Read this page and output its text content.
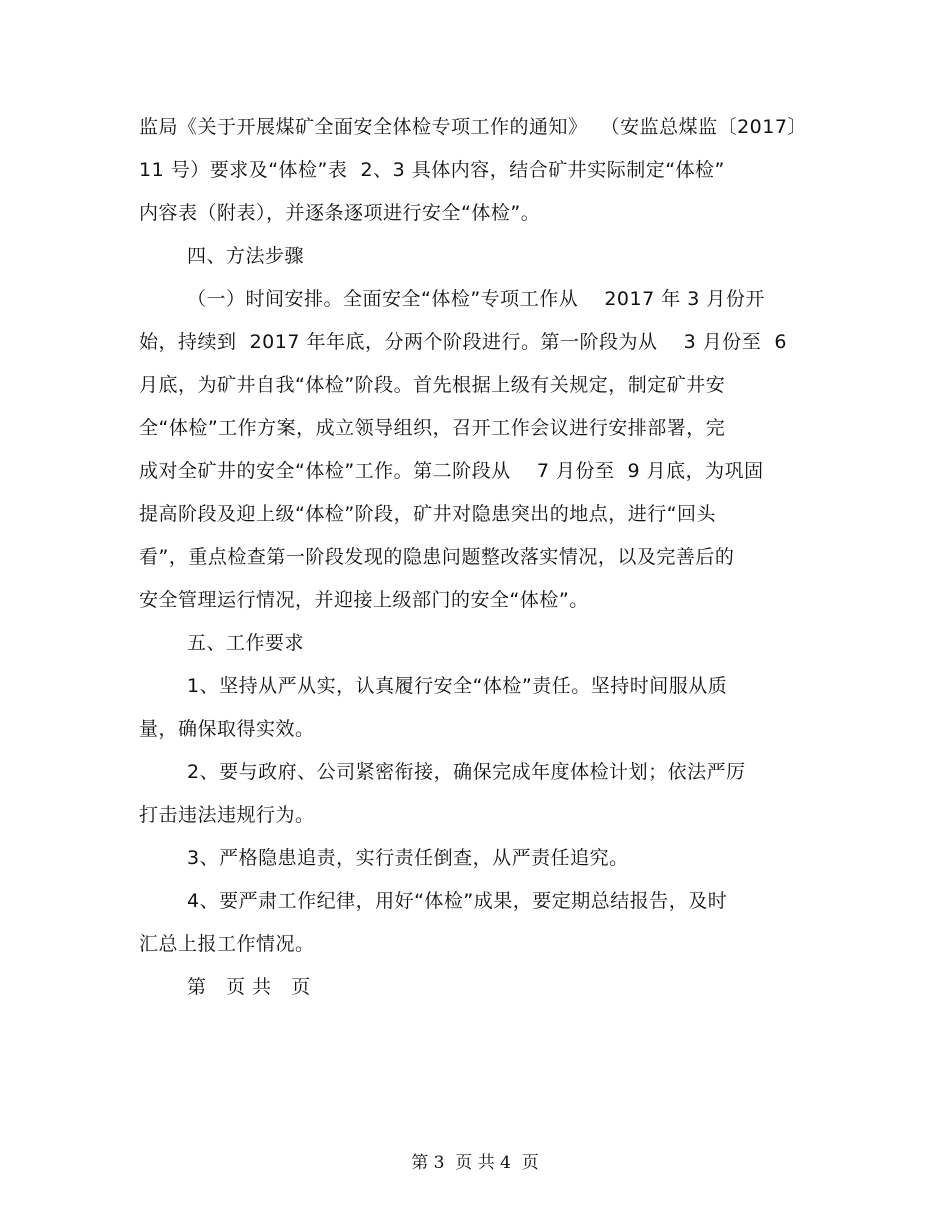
监局《关于开展煤矿全面安全体检专项工作的通知》  （安监总煤监〔2017〕
11 号）要求及“体检”表  2、3 具体内容，结合矿井实际制定“体检”
内容表（附表），并逐条逐项进行安全“体检”。
四、方法步骤
（一）时间安排。全面安全“体检”专项工作从    2017 年 3 月份开
始，持续到  2017 年年底，分两个阶段进行。第一阶段为从    3 月份至  6
月底，为矿井自我“体检”阶段。首先根据上级有关规定，制定矿井安
全“体检”工作方案，成立领导组织，召开工作会议进行安排部署，完
成对全矿井的安全“体检”工作。第二阶段从    7 月份至  9 月底，为巩固
提高阶段及迎上级“体检”阶段，矿井对隐患突出的地点，进行“回头
看”，重点检查第一阶段发现的隐患问题整改落实情况，以及完善后的
安全管理运行情况，并迎接上级部门的安全“体检”。
五、工作要求
1、坚持从严从实，认真履行安全“体检”责任。坚持时间服从质
量，确保取得实效。
2、要与政府、公司紧密衔接，确保完成年度体检计划；依法严厉
打击违法违规行为。
3、严格隐患追责，实行责任倒查，从严责任追究。
4、要严肃工作纪律，用好“体检”成果，要定期总结报告，及时
汇总上报工作情况。
第   页 共   页
第 3  页 共 4  页
